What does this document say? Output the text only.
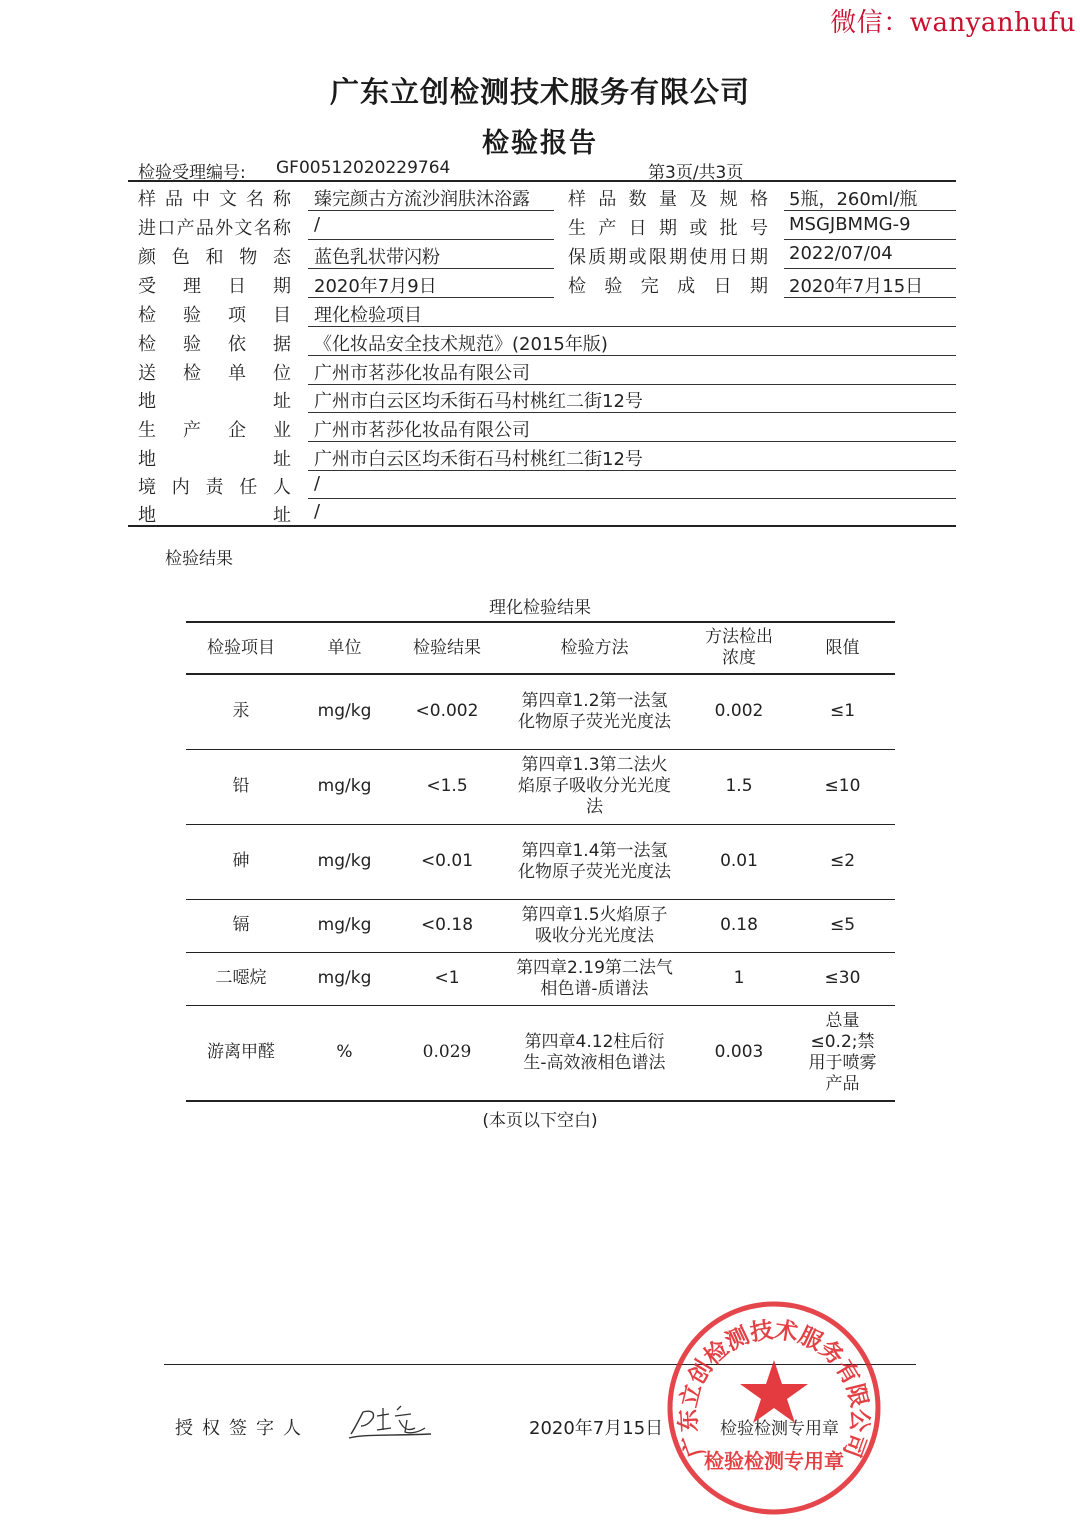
微信：wanyanhufu
广东立创检测技术服务有限公司
检验报告
检验受理编号: GF00512020229764	第3页/共3页
样 品 中 文 名 称 臻完颜古方流沙润肤沐浴露 样 品 数 量 及 规 格 5瓶，260ml/瓶
进 口 产 品 外 文 名 称 /	生 产 日 期 或 批 号 MSGJBMMG-9
颜 色 和 物 态 蓝色乳状带闪粉	保 质 期 或 限 期 使 用 日 期 2022/07/04
受 理 日 期 2020年7月9日	检 验 完 成 日 期 2020年7月15日
检 验 项 目 理化检验项目
检 验 依 据 《化妆品安全技术规范》(2015年版)
送 检 单 位 广州市茗莎化妆品有限公司
地	址 广州市白云区均禾街石马村桃红二街12号
生 产 企 业 广州市茗莎化妆品有限公司
地	址 广州市白云区均禾街石马村桃红二街12号
境 内 责 任 人 /
地	址 /
检验结果
理化检验结果
检验项目	单位	检验结果	检验方法	方法检出浓度	限值
汞	mg/kg	<0.002	第四章1.2第一法氢化物原子荧光光度法	0.002	≤1
铅	mg/kg	<1.5	第四章1.3第二法火焰原子吸收分光光度法	1.5	≤10
砷	mg/kg	<0.01	第四章1.4第一法氢化物原子荧光光度法	0.01	≤2
镉	mg/kg	<0.18	第四章1.5火焰原子吸收分光光度法	0.18	≤5
二噁烷	mg/kg	<1	第四章2.19第二法气相色谱-质谱法	1	≤30
游离甲醛	%	0.029	第四章4.12柱后衍生-高效液相色谱法	0.003	总量≤0.2;禁用于喷雾产品
(本页以下空白)
授权签字人	2020年7月15日	检验检测专用章
广东立创检测技术服务有限公司
检验检测专用章
